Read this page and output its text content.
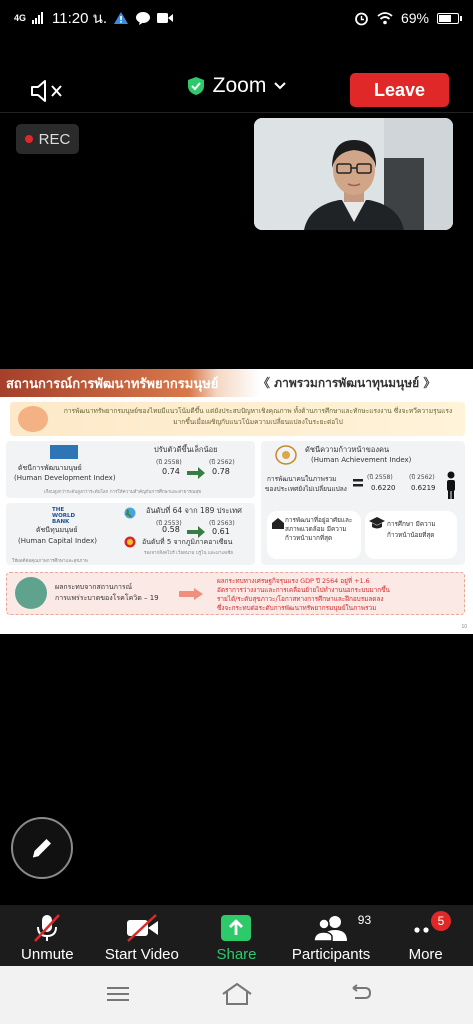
4G 11:20 น.	69%
Zoom	Leave
REC
สถานการณ์การพัฒนาทรัพยากรมนุษย์	《 ภาพรวมการพัฒนาทุนมนุษย์ 》
การพัฒนาทรัพยากรมนุษย์ของไทยมีแนวโน้มดีขึ้น แต่ยังประสบปัญหาเชิงคุณภาพ ทั้งด้านการศึกษาและทักษะแรงงาน ซึ่งจะทวีความรุนแรงมากขึ้นเมื่อเผชิญกับแนวโน้มความเปลี่ยนแปลงในระยะต่อไป
ดัชนีการพัฒนามนุษย์
(Human Development Index)
ปรับตัวดีขึ้นเล็กน้อย
(ปี 2558)	(ปี 2562)
0.74	0.78
เกือบสูงกว่าระดับสูงกว่าระดับโลก การให้ความสำคัญกับการศึกษาและสาธารณสุข
THE WORLD BANK
ดัชนีทุนมนุษย์
(Human Capital Index)
อันดับที่ 64 จาก 189 ประเทศ
(ปี 2553)	(ปี 2563)
0.58	0.61
อันดับที่ 5 จากภูมิภาคอาเซียน
รองจากสิงคโปร์ เวียดนาม บรูไน และมาเลเซีย
ให้ผลดีต่อคุณภาพการศึกษาและสุขภาพ
ดัชนีความก้าวหน้าของคน
(Human Achievement Index)
การพัฒนาคนในภาพรวม
ของประเทศยังไม่เปลี่ยนแปลง
(ปี 2558)	(ปี 2562)
0.6220 0.6219
การพัฒนาที่อยู่อาศัยและสภาพแวดล้อม มีความก้าวหน้ามากที่สุด
การศึกษา มีความก้าวหน้าน้อยที่สุด
ผลกระทบจากสถานการณ์
การแพร่ระบาดของโรคโควิด – 19
ผลกระทบทางเศรษฐกิจรุนแรง GDP ปี 2564 อยู่ที่ +1.6
อัตราการว่างงานและการเคลื่อนย้ายไปทำงานนอกระบบมากขึ้น
รายได้/ระดับสุขภาวะ/โอกาสทางการศึกษาและฝึกอบรมลดลง
ซึ่งจะกระทบต่อระดับการพัฒนาทรัพยากรมนุษย์ในภาพรวม
10
Unmute Start Video	Share
93
Participants
5
More
